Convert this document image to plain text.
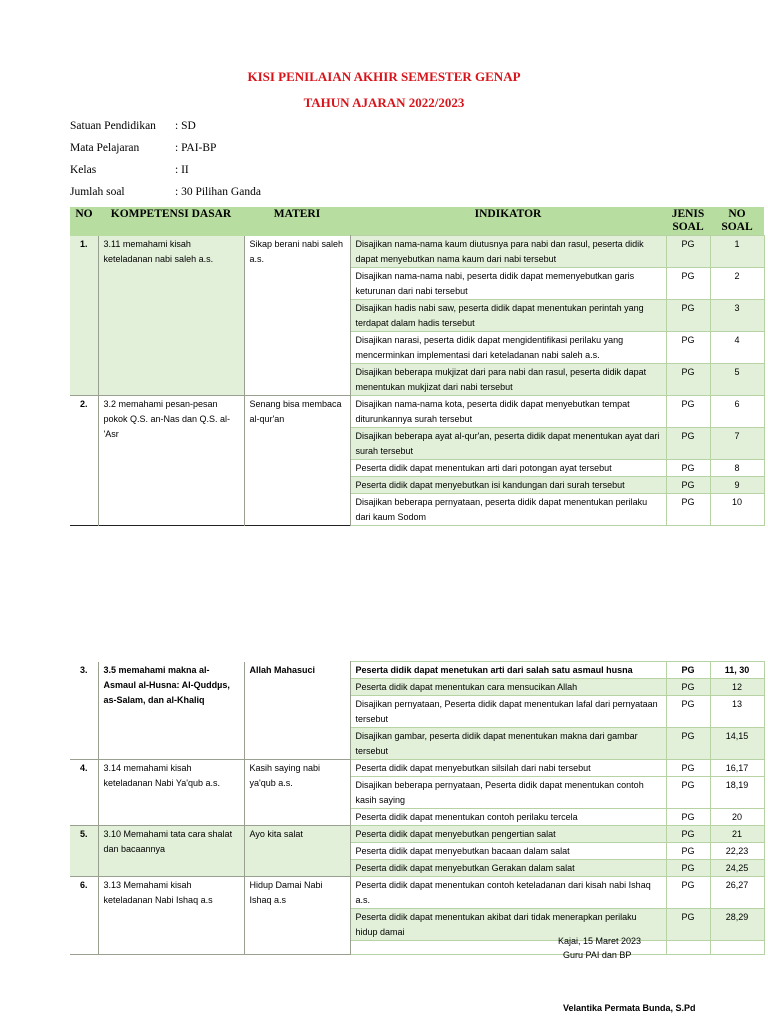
KISI PENILAIAN AKHIR SEMESTER GENAP
TAHUN AJARAN 2022/2023
Satuan Pendidikan : SD
Mata Pelajaran	: PAI-BP
Kelas	: II
Jumlah soal	: 30 Pilihan Ganda
NO	KOMPETENSI DASAR	MATERI	INDIKATOR	JENIS SOAL	NO SOAL
1.	3.11 memahami kisah keteladanan nabi saleh a.s.	Sikap berani nabi saleh a.s.	Disajikan nama-nama kaum diutusnya para nabi dan rasul, peserta didik dapat menyebutkan nama kaum dari nabi tersebut	PG	1
			Disajikan nama-nama nabi, peserta didik dapat memenyebutkan garis keturunan dari nabi tersebut	PG	2
			Disajikan hadis nabi saw, peserta didik dapat menentukan perintah yang terdapat dalam hadis tersebut	PG	3
			Disajikan narasi, peserta didik dapat mengidentifikasi perilaku yang mencerminkan implementasi dari keteladanan nabi saleh a.s.	PG	4
			Disajikan beberapa mukjizat dari para nabi dan rasul, peserta didik dapat menentukan mukjizat dari nabi tersebut	PG	5
2.	3.2 memahami pesan-pesan pokok Q.S. an-Nas dan Q.S. al-'Asr	Senang bisa membaca al-qur'an	Disajikan nama-nama kota, peserta didik dapat menyebutkan tempat diturunkannya surah tersebut	PG	6
			Disajikan beberapa ayat al-qur'an, peserta didik dapat menentukan ayat dari surah tersebut	PG	7
			Peserta didik dapat menentukan arti dari potongan ayat tersebut	PG	8
			Peserta didik dapat menyebutkan isi kandungan dari surah tersebut	PG	9
			Disajikan beberapa pernyataan, peserta didik dapat menentukan perilaku dari kaum Sodom	PG	10
3.	3.5 memahami makna al-Asmaul al-Husna: Al-Quddµs, as-Salam, dan al-Khaliq	Allah Mahasuci	Peserta didik dapat menetukan arti dari salah satu asmaul husna	PG	11, 30
			Peserta didik dapat menentukan cara mensucikan Allah	PG	12
			Disajikan pernyataan, Peserta didik dapat menentukan lafal dari pernyataan tersebut	PG	13
			Disajikan gambar, peserta didik dapat menentukan makna dari gambar tersebut	PG	14,15
4.	3.14 memahami kisah keteladanan Nabi Ya'qub a.s.	Kasih saying nabi ya'qub a.s.	Peserta didik dapat menyebutkan silsilah dari nabi tersebut	PG	16,17
			Disajikan beberapa pernyataan, Peserta didik dapat menentukan contoh kasih saying	PG	18,19
			Peserta didik dapat menentukan contoh perilaku tercela	PG	20
5.	3.10 Memahami tata cara shalat dan bacaannya	Ayo kita salat	Peserta didik dapat menyebutkan pengertian salat	PG	21
			Peserta didik dapat menyebutkan bacaan dalam salat	PG	22,23
			Peserta didik dapat menyebutkan Gerakan dalam salat	PG	24,25
6.	3.13 Memahami kisah keteladanan Nabi Ishaq a.s	Hidup Damai Nabi Ishaq a.s	Peserta didik dapat menentukan contoh keteladanan dari kisah nabi Ishaq a.s.	PG	26,27
			Peserta didik dapat menentukan akibat dari tidak menerapkan perilaku hidup damai	PG	28,29

Kajai, 15 Maret 2023
Guru PAI dan BP
Velantika Permata Bunda, S.Pd
